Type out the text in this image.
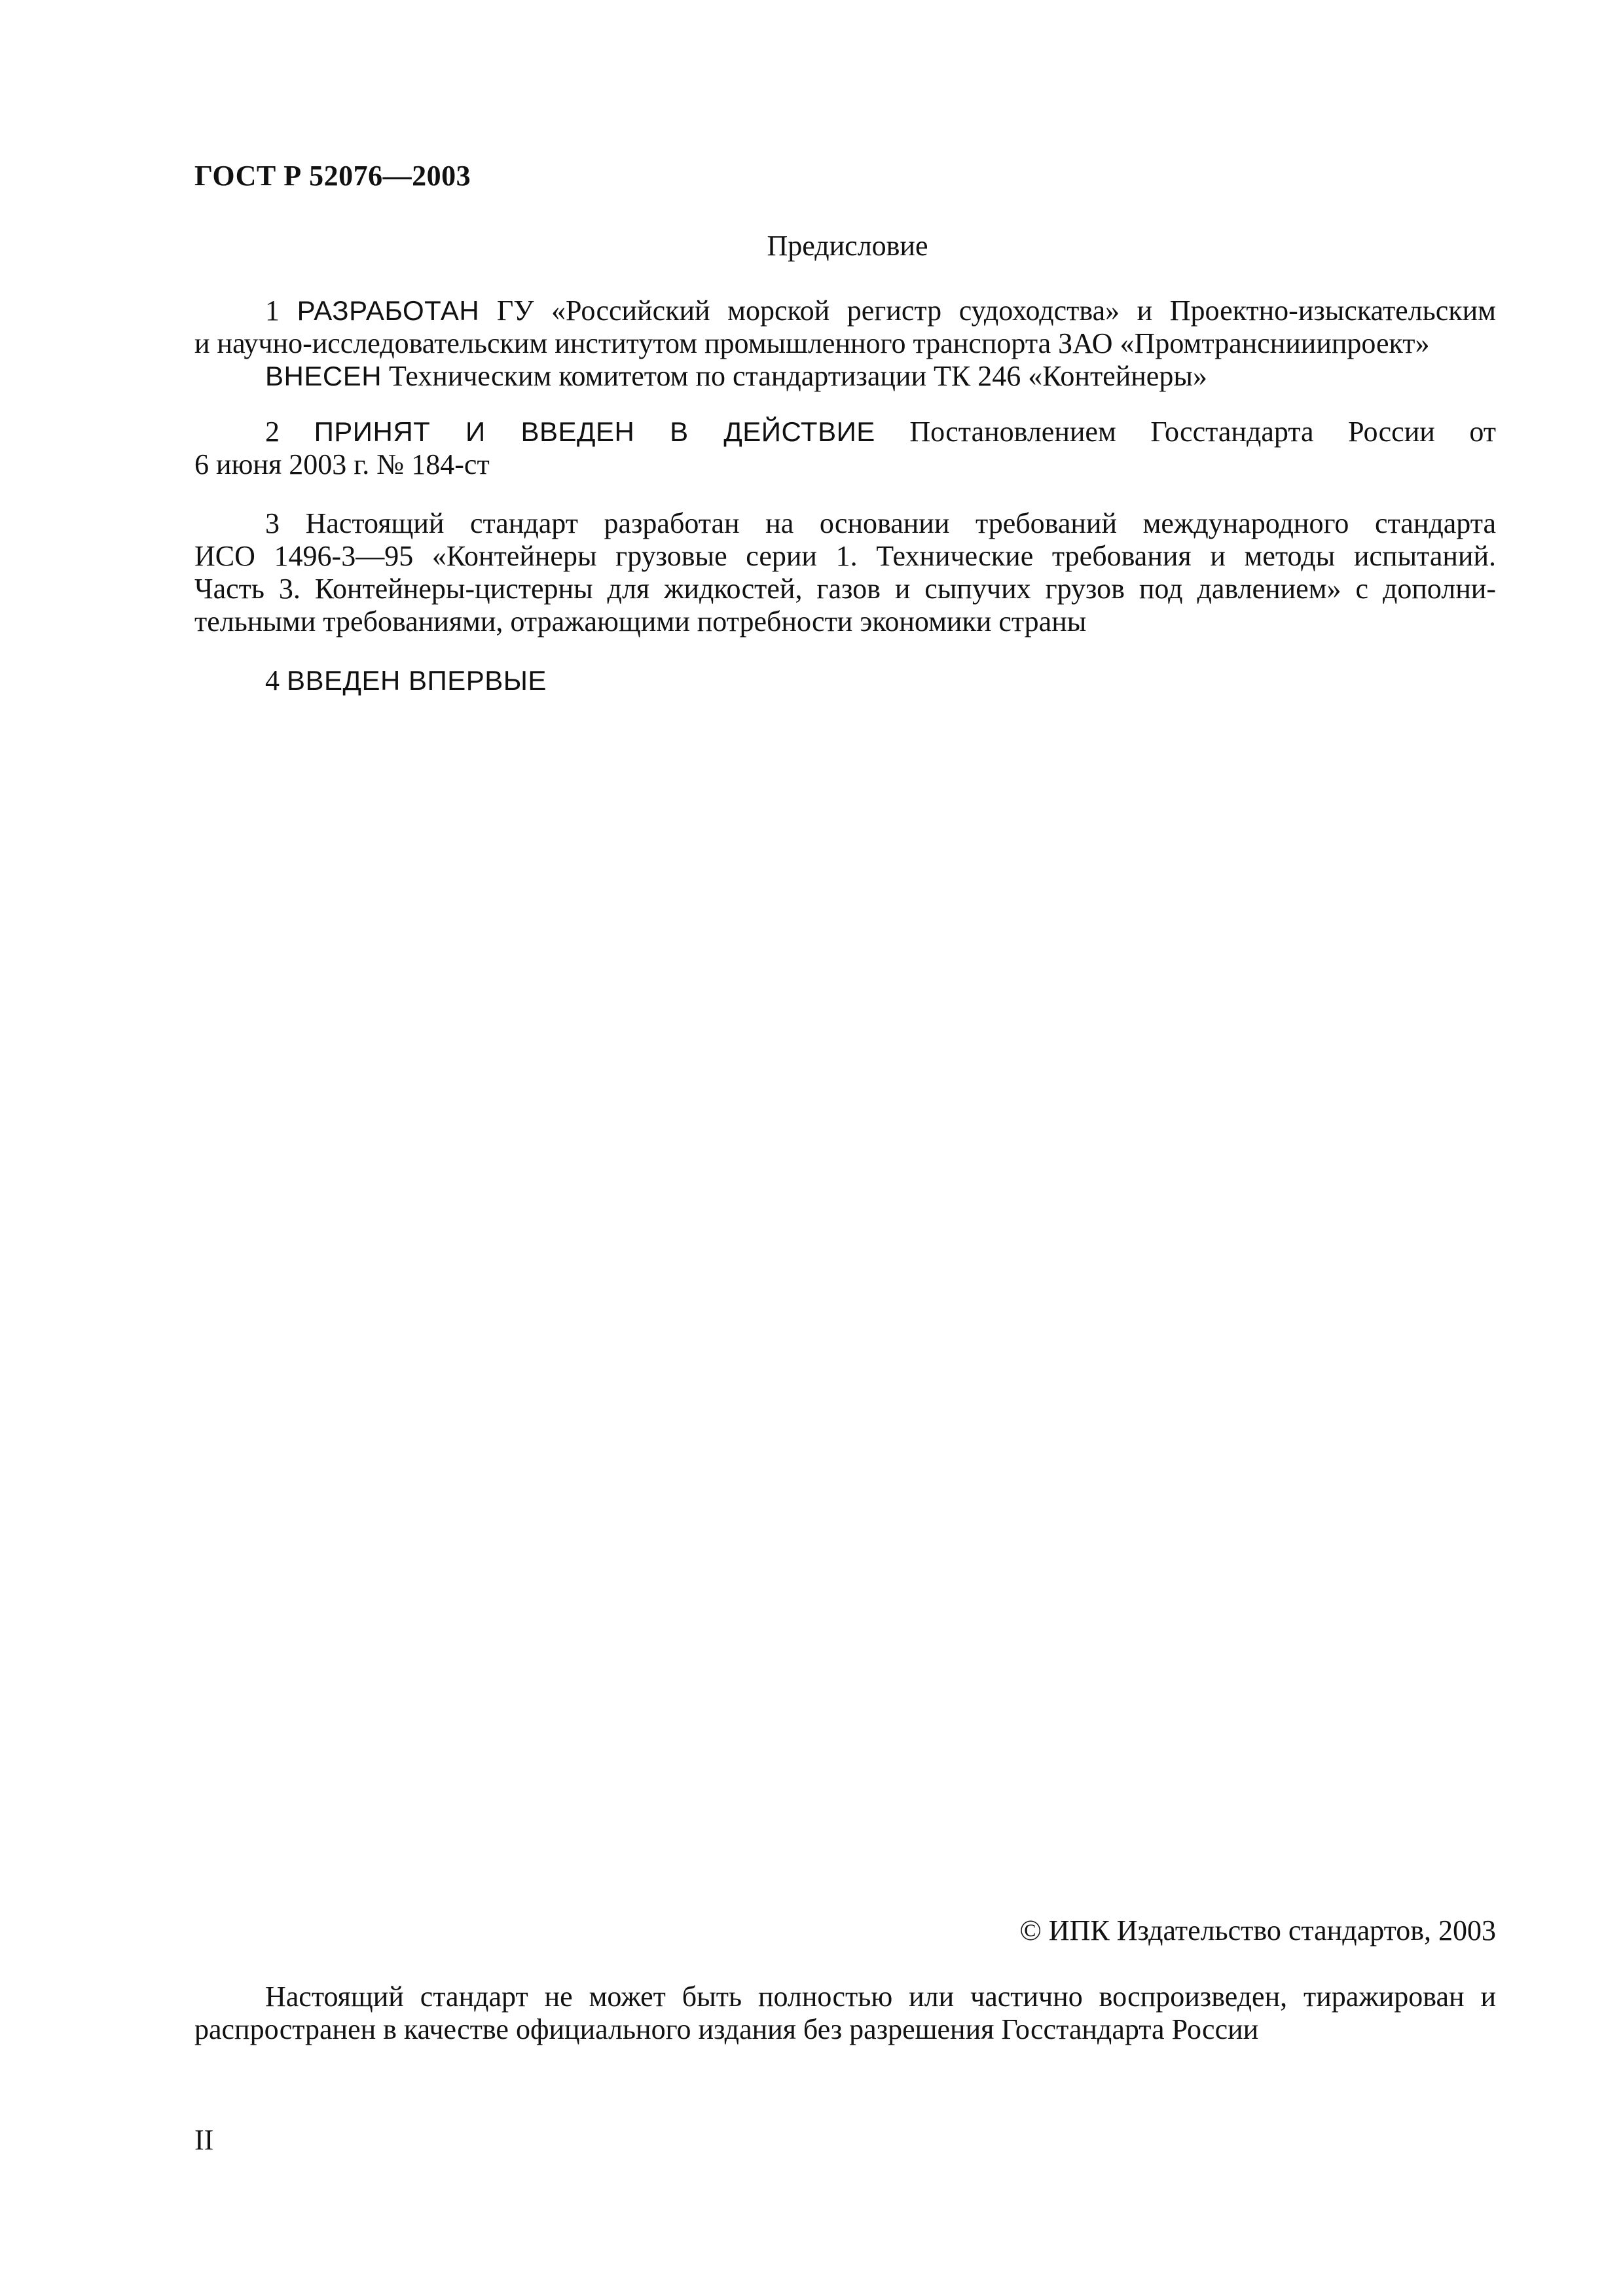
ГОСТ Р 52076—2003
Предисловие
1 РАЗРАБОТАН ГУ «Российский морской регистр судоходства» и Проектно-изыскательским
и научно-исследовательским институтом промышленного транспорта ЗАО «Промтранснииипроект»
ВНЕСЕН Техническим комитетом по стандартизации ТК 246 «Контейнеры»
2 ПРИНЯТ И ВВЕДЕН В ДЕЙСТВИЕ Постановлением Госстандарта России от
6 июня 2003 г. № 184-ст
3 Настоящий стандарт разработан на основании требований международного стандарта
ИСО 1496-3—95 «Контейнеры грузовые серии 1. Технические требования и методы испытаний.
Часть 3. Контейнеры-цистерны для жидкостей, газов и сыпучих грузов под давлением» с дополни-
тельными требованиями, отражающими потребности экономики страны
4 ВВЕДЕН ВПЕРВЫЕ
© ИПК Издательство стандартов, 2003
Настоящий стандарт не может быть полностью или частично воспроизведен, тиражирован и
распространен в качестве официального издания без разрешения Госстандарта России
II
